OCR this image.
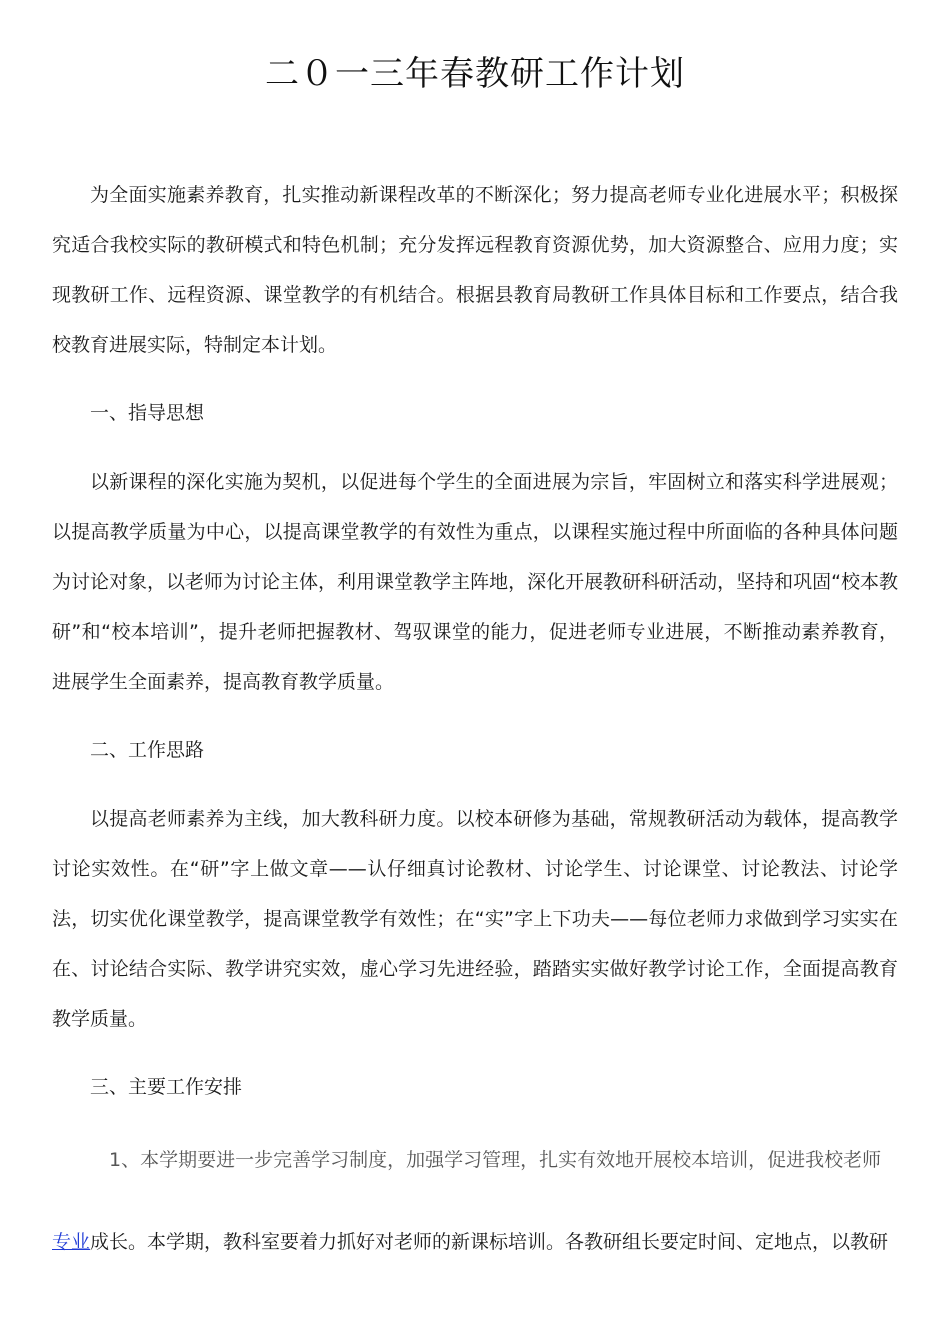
二０一三年春教研工作计划

为全面实施素养教育，扎实推动新课程改革的不断深化；努力提高老师专业化进展水平；积极探究适合我校实际的教研模式和特色机制；充分发挥远程教育资源优势，加大资源整合、应用力度；实现教研工作、远程资源、课堂教学的有机结合。根据县教育局教研工作具体目标和工作要点，结合我校教育进展实际，特制定本计划。

一、指导思想

以新课程的深化实施为契机，以促进每个学生的全面进展为宗旨，牢固树立和落实科学进展观；以提高教学质量为中心，以提高课堂教学的有效性为重点，以课程实施过程中所面临的各种具体问题为讨论对象，以老师为讨论主体，利用课堂教学主阵地，深化开展教研科研活动，坚持和巩固“校本教研”和“校本培训”，提升老师把握教材、驾驭课堂的能力，促进老师专业进展，不断推动素养教育，进展学生全面素养，提高教育教学质量。

二、工作思路

以提高老师素养为主线，加大教科研力度。以校本研修为基础，常规教研活动为载体，提高教学讨论实效性。在“研”字上做文章——认仔细真讨论教材、讨论学生、讨论课堂、讨论教法、讨论学法，切实优化课堂教学，提高课堂教学有效性；在“实”字上下功夫——每位老师力求做到学习实实在在、讨论结合实际、教学讲究实效，虚心学习先进经验，踏踏实实做好教学讨论工作，全面提高教育教学质量。

三、主要工作安排

1、本学期要进一步完善学习制度，加强学习管理，扎实有效地开展校本培训，促进我校老师

专业成长。本学期，教科室要着力抓好对老师的新课标培训。各教研组长要定时间、定地点，以教研
